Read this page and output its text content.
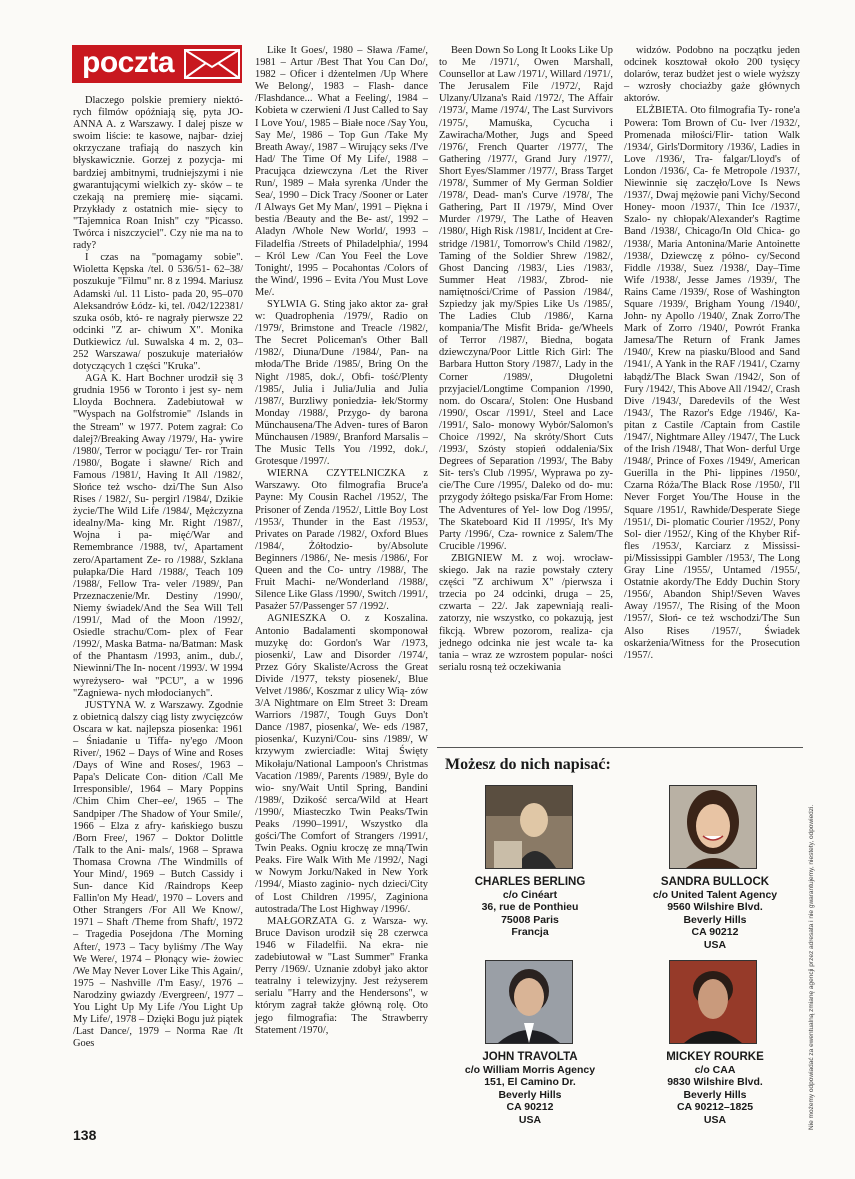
poczta

Dlaczego polskie premiery niektó- rych filmów opóźniają się, pyta JO- ANNA A. z Warszawy. I dalej pisze w swoim liście: te kasowe, najbar- dziej okrzyczane trafiają do naszych kin błyskawicznie. Gorzej z pozycja- mi bardziej ambitnymi, trudniejszymi i nie gwarantującymi wielkich zy- sków – te czekają na premierę mie- siącami. Przykłady z ostatnich mie- sięcy to "Tajemnica Roan Inish" czy "Picasso. Twórca i niszczyciel". Czy nie ma na to rady?

I czas na "pomagamy sobie". Wioletta Kępska /tel. 0 536/51- 62–38/ poszukuje "Filmu" nr. 8 z 1994. Mariusz Adamski /ul. 11 Listo- pada 20, 95–070 Aleksandrów Łódz- ki, tel. /042/122381/ szuka osób, któ- re nagrały pierwsze 22 odcinki "Z ar- chiwum X". Monika Dutkiewicz /ul. Suwalska 4 m. 2, 03–252 Warszawa/ poszukuje materiałów dotyczących 1 części "Kruka".

AGA K. Hart Bochner urodził się 3 grudnia 1956 w Toronto i jest sy- nem Lloyda Bochnera. Zadebiutował w "Wyspach na Golfstromie" /Islands in the Stream" w 1977. Potem zagrał: Co dalej?/Breaking Away /1979/, Ha- ywire /1980/, Terror w pociągu/ Ter- ror Train /1980/, Bogate i sławne/ Rich and Famous /1981/, Having It All /1982/, Słońce też wscho- dzi/The Sun Also Rises / 1982/, Su- pergirl /1984/, Dzikie życie/The Wild Life /1984/, Mężczyzna idealny/Ma- king Mr. Right /1987/, Wojna i pa- mięć/War and Remembrance /1988, tv/, Apartament zero/Apartament Ze- ro /1988/, Szklana pułapka/Die Hard /1988/, Teach 109 /1988/, Fellow Tra- veler /1989/, Pan Przeznaczenie/Mr. Destiny /1990/, Niemy świadek/And the Sea Will Tell /1991/, Mad of the Moon /1992/, Osiedle strachu/Com- plex of Fear /1992/, Maska Batma- na/Batman: Mask of the Phantasm /1993, anim., dub./, Niewinni/The In- nocent /1993/. W 1994 wyreżysero- wał "PCU", a w 1996 "Zagniewa- nych młodocianych".

JUSTYNA W. z Warszawy. Zgodnie z obietnicą dalszy ciąg listy zwycięzców Oscara w kat. najlepsza piosenka: 1961 – Śniadanie u Tiffa- ny'ego /Moon River/, 1962 – Days of Wine and Roses /Days of Wine and Roses/, 1963 – Papa's Delicate Con- dition /Call Me Irresponsible/, 1964 – Mary Poppins /Chim Chim Cher–ee/, 1965 – The Sandpiper /The Shadow of Your Smile/, 1966 – Elza z afry- kańskiego buszu /Born Free/, 1967 – Doktor Dolittle /Talk to the Ani- mals/, 1968 – Sprawa Thomasa Crowna /The Windmills of Your Mind/, 1969 – Butch Cassidy i Sun- dance Kid /Raindrops Keep Fallin'on My Head/, 1970 – Lovers and Other Strangers /For All We Know/, 1971 – Shaft /Theme from Shaft/, 1972 – Tragedia Posejdona /The Morning After/, 1973 – Tacy byliśmy /The Way We Were/, 1974 – Płonący wie- żowiec /We May Never Lover Like This Again/, 1975 – Nashville /I'm Easy/, 1976 – Narodziny gwiazdy /Evergreen/, 1977 – You Light Up My Life /You Light Up My Life/, 1978 – Dzięki Bogu już piątek /Last Dance/, 1979 – Norma Rae /It Goes

Like It Goes/, 1980 – Sława /Fame/, 1981 – Artur /Best That You Can Do/, 1982 – Oficer i dżentelmen /Up Where We Belong/, 1983 – Flash- dance /Flashdance... What a Feeling/, 1984 – Kobieta w czerwieni /I Just Called to Say I Love You/, 1985 – Białe noce /Say You, Say Me/, 1986 – Top Gun /Take My Breath Away/, 1987 – Wirujący seks /I've Had/ The Time Of My Life/, 1988 – Pracująca dziewczyna /Let the River Run/, 1989 – Mała syrenka /Under the Sea/, 1990 – Dick Tracy /Sooner or Later /I Always Get My Man/, 1991 – Piękna i bestia /Beauty and the Be- ast/, 1992 – Aladyn /Whole New World/, 1993 – Filadelfia /Streets of Philadelphia/, 1994 – Król Lew /Can You Feel the Love Tonight/, 1995 – Pocahontas /Colors of the Wind/, 1996 – Evita /You Must Love Me/.

SYLWIA G. Sting jako aktor za- grał w: Quadrophenia /1979/, Radio on /1979/, Brimstone and Treacle /1982/, The Secret Policeman's Other Ball /1982/, Diuna/Dune /1984/, Pan- na młoda/The Bride /1985/, Bring On the Night /1985, dok./, Obfi- tość/Plenty /1985/, Julia i Julia/Julia and Julia /1987/, Burzliwy poniedzia- łek/Stormy Monday /1988/, Przygo- dy barona Münchausena/The Adven- tures of Baron Münchausen /1989/, Branford Marsalis – The Music Tells You /1992, dok./, Grotesque /1997/.

WIERNA CZYTELNICZKA z Warszawy. Oto filmografia Bruce'a Payne: My Cousin Rachel /1952/, The Prisoner of Zenda /1952/, Little Boy Lost /1953/, Thunder in the East /1953/, Privates on Parade /1982/, Oxford Blues /1984/, Żółtodzio- by/Absolute Beginners /1986/, Ne- mesis /1986/, For Queen and the Co- untry /1988/, The Fruit Machi- ne/Wonderland /1988/, Silence Like Glass /1990/, Switch /1991/, Pasażer 57/Passenger 57 /1992/.

AGNIESZKA O. z Koszalina. Antonio Badalamenti skomponował muzykę do: Gordon's War /1973, piosenki/, Law and Disorder /1974/, Przez Góry Skaliste/Across the Great Divide /1977, teksty piosenek/, Blue Velvet /1986/, Koszmar z ulicy Wią- zów 3/A Nightmare on Elm Street 3: Dream Warriors /1987/, Tough Guys Don't Dance /1987, piosenka/, We- eds /1987, piosenka/, Kuzyni/Cou- sins /1989/, W krzywym zwierciadle: Witaj Święty Mikołaju/National Lampoon's Christmas Vacation /1989/, Parents /1989/, Byle do wio- sny/Wait Until Spring, Bandini /1989/, Dzikość serca/Wild at Heart /1990/, Miasteczko Twin Peaks/Twin Peaks /1990–1991/, Wszystko dla gości/The Comfort of Strangers /1991/, Twin Peaks. Ogniu kroczę ze mną/Twin Peaks. Fire Walk With Me /1992/, Nagi w Nowym Jorku/Naked in New York /1994/, Miasto zaginio- nych dzieci/City of Lost Children /1995/, Zaginiona autostrada/The Lost Highway /1996/.

MAŁGORZATA G. z Warsza- wy. Bruce Davison urodził się 28 czerwca 1946 w Filadelfii. Na ekra- nie zadebiutował w "Last Summer" Franka Perry /1969/. Uznanie zdobył jako aktor teatralny i telewizyjny. Jest reżyserem serialu "Harry and the Hendersons", w którym zagrał także główną rolę. Oto jego filmografia: The Strawberry Statement /1970/,

Been Down So Long It Looks Like Up to Me /1971/, Owen Marshall, Counsellor at Law /1971/, Willard /1971/, The Jerusalem File /1972/, Rajd Ulzany/Ulzana's Raid /1972/, The Affair /1973/, Mame /1974/, The Last Survivors /1975/, Mamuśka, Cycucha i Zawiracha/Mother, Jugs and Speed /1976/, French Quarter /1977/, The Gathering /1977/, Grand Jury /1977/, Short Eyes/Slammer /1977/, Brass Target /1978/, Summer of My German Soldier /1978/, Dead- man's Curve /1978/, The Gathering, Part II /1979/, Mind Over Murder /1979/, The Lathe of Heaven /1980/, High Risk /1981/, Incident at Cre- stridge /1981/, Tomorrow's Child /1982/, Taming of the Soldier Shrew /1982/, Ghost Dancing /1983/, Lies /1983/, Summer Heat /1983/, Zbrod- nie namiętności/Crime of Passion /1984/, Szpiedzy jak my/Spies Like Us /1985/, The Ladies Club /1986/, Karna kompania/The Misfit Brida- ge/Wheels of Terror /1987/, Biedna, bogata dziewczyna/Poor Little Rich Girl: The Barbara Hutton Story /1987/, Lady in the Corner /1989/, Długoletni przyjaciel/Longtime Companion /1990, nom. do Oscara/, Stolen: One Husband /1990/, Oscar /1991/, Steel and Lace /1991/, Salo- monowy Wybór/Salomon's Choice /1992/, Na skróty/Short Cuts /1993/, Szósty stopień oddalenia/Six Degrees of Separation /1993/, The Baby Sit- ters's Club /1995/, Wyprawa po zy- cie/The Cure /1995/, Daleko od do- mu: przygody żółtego psiska/Far From Home: The Adventures of Yel- low Dog /1995/, The Skateboard Kid II /1995/, It's My Party /1996/, Cza- rownice z Salem/The Crucible /1996/.

ZBIGNIEW M. z woj. wrocław- skiego. Jak na razie powstały cztery części "Z archiwum X" /pierwsza i trzecia po 24 odcinki, druga – 25, czwarta – 22/. Jak zapewniają reali- zatorzy, nie wszystko, co pokazują, jest fikcją. Wbrew pozorom, realiza- cja jednego odcinka nie jest wcale ta- ka tania – wraz ze wzrostem popular- ności serialu rosną też oczekiwania

widzów. Podobno na początku jeden odcinek kosztował około 200 tysięcy dolarów, teraz budżet jest o wiele wyższy – wzrosły chociażby gaże głównych aktorów.

ELŻBIETA. Oto filmografia Ty- rone'a Powera: Tom Brown of Cu- lver /1932/, Promenada miłości/Flir- tation Walk /1934/, Girls'Dormitory /1936/, Ladies in Love /1936/, Tra- falgar/Lloyd's of London /1936/, Ca- fe Metropole /1937/, Niewinnie się zaczęło/Love Is News /1937/, Dwaj mężowie pani Vichy/Second Honey- moon /1937/, Thin Ice /1937/, Szalo- ny chłopak/Alexander's Ragtime Band /1938/, Chicago/In Old Chica- go /1938/, Maria Antonina/Marie Antoinette /1938/, Dziewczę z półno- cy/Second Fiddle /1938/, Suez /1938/, Day–Time Wife /1938/, Jesse James /1939/, The Rains Came /1939/, Rose of Washington Square /1939/, Brigham Young /1940/, John- ny Apollo /1940/, Znak Zorro/The Mark of Zorro /1940/, Powrót Franka Jamesa/The Return of Frank James /1940/, Krew na piasku/Blood and Sand /1941/, A Yank in the RAF /1941/, Czarny łabądź/The Black Swan /1942/, Son of Fury /1942/, This Above All /1942/, Crash Dive /1943/, Daredevils of the West /1943/, The Razor's Edge /1946/, Ka- pitan z Castile /Captain from Castile /1947/, Nightmare Alley /1947/, The Luck of the Irish /1948/, That Won- derful Urge /1948/, Prince of Foxes /1949/, American Guerilla in the Phi- lippines /1950/, Czarna Róża/The Black Rose /1950/, I'll Never Forget You/The House in the Square /1951/, Rawhide/Desperate Siege /1951/, Di- plomatic Courier /1952/, Pony Sol- dier /1952/, King of the Khyber Rif- fles /1953/, Karciarz z Mississi- pi/Mississippi Gambler /1953/, The Long Gray Line /1955/, Untamed /1955/, Ostatnie akordy/The Eddy Duchin Story /1956/, Abandon Ship!/Seven Waves Away /1957/, The Rising of the Moon /1957/, Słoń- ce też wschodzi/The Sun Also Rises /1957/, Świadek oskarżenia/Witness for the Prosecution /1957/.

138
Możesz do nich napisać:
CHARLES BERLING
c/o Cinéart
36, rue de Ponthieu
75008 Paris
Francja
SANDRA BULLOCK
c/o United Talent Agency
9560 Wilshire Blvd.
Beverly Hills
CA 90212
USA
JOHN TRAVOLTA
c/o William Morris Agency
151, El Camino Dr.
Beverly Hills
CA 90212
USA
MICKEY ROURKE
c/o CAA
9830 Wilshire Blvd.
Beverly Hills
CA 90212–1825
USA	Nie możemy odpowiadać za ewentualną zmianę agencji przez adresata i nie gwarantujemy, niestety, odpowiedzi.
